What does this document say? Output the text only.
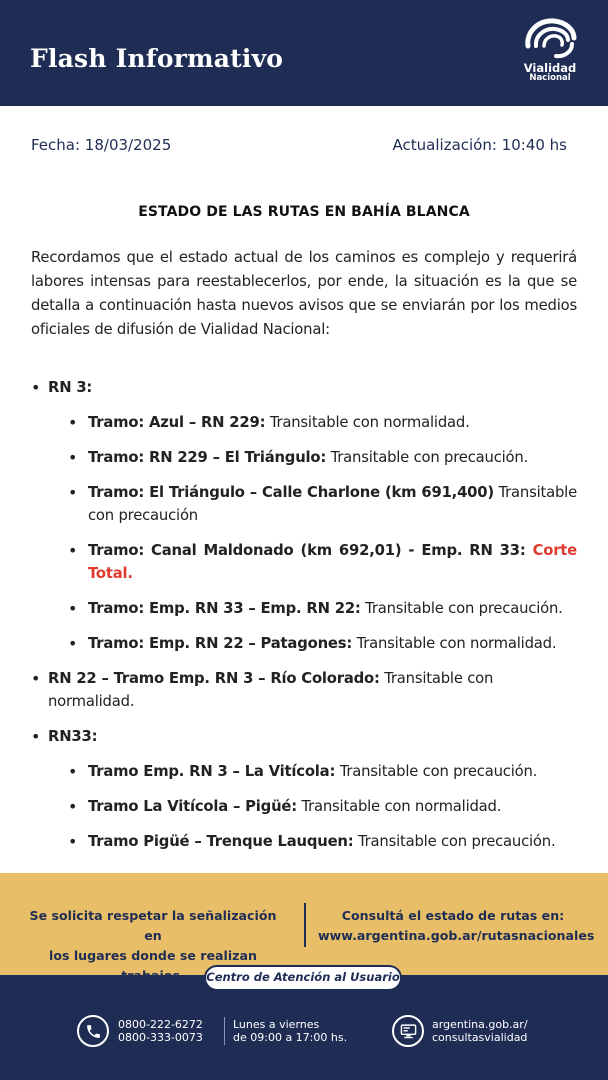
Flash Informativo	Vialidad
Nacional
Fecha: 18/03/2025	Actualización: 10:40 hs
ESTADO DE LAS RUTAS EN BAHÍA BLANCA

Recordamos que el estado actual de los caminos es complejo y requerirá labores intensas para reestablecerlos, por ende, la situación es la que se detalla a continuación hasta nuevos avisos que se enviarán por los medios oficiales de difusión de Vialidad Nacional:

• RN 3:
• Tramo: Azul – RN 229: Transitable con normalidad.
• Tramo: RN 229 – El Triángulo: Transitable con precaución.
• Tramo: El Triángulo – Calle Charlone (km 691,400) Transitable con precaución
• Tramo: Canal Maldonado (km 692,01) - Emp. RN 33: Corte Total.
• Tramo: Emp. RN 33 – Emp. RN 22: Transitable con precaución.
• Tramo: Emp. RN 22 – Patagones: Transitable con normalidad.
• RN 22 – Tramo Emp. RN 3 – Río Colorado: Transitable con normalidad.
• RN33:
• Tramo Emp. RN 3 – La Vitícola: Transitable con precaución.
• Tramo La Vitícola – Pigüé: Transitable con normalidad.
• Tramo Pigüé – Trenque Lauquen: Transitable con precaución.
Se solicita respetar la señalización en
los lugares donde se realizan
Consultá el estado de rutas en:
www.argentina.gob.ar/rutasnacionales
Centro de Atención al Usuario
0800-222-6272
0800-333-0073
Lunes a viernes
de 09:00 a 17:00 hs.
argentina.gob.ar/
consultasvialidad
